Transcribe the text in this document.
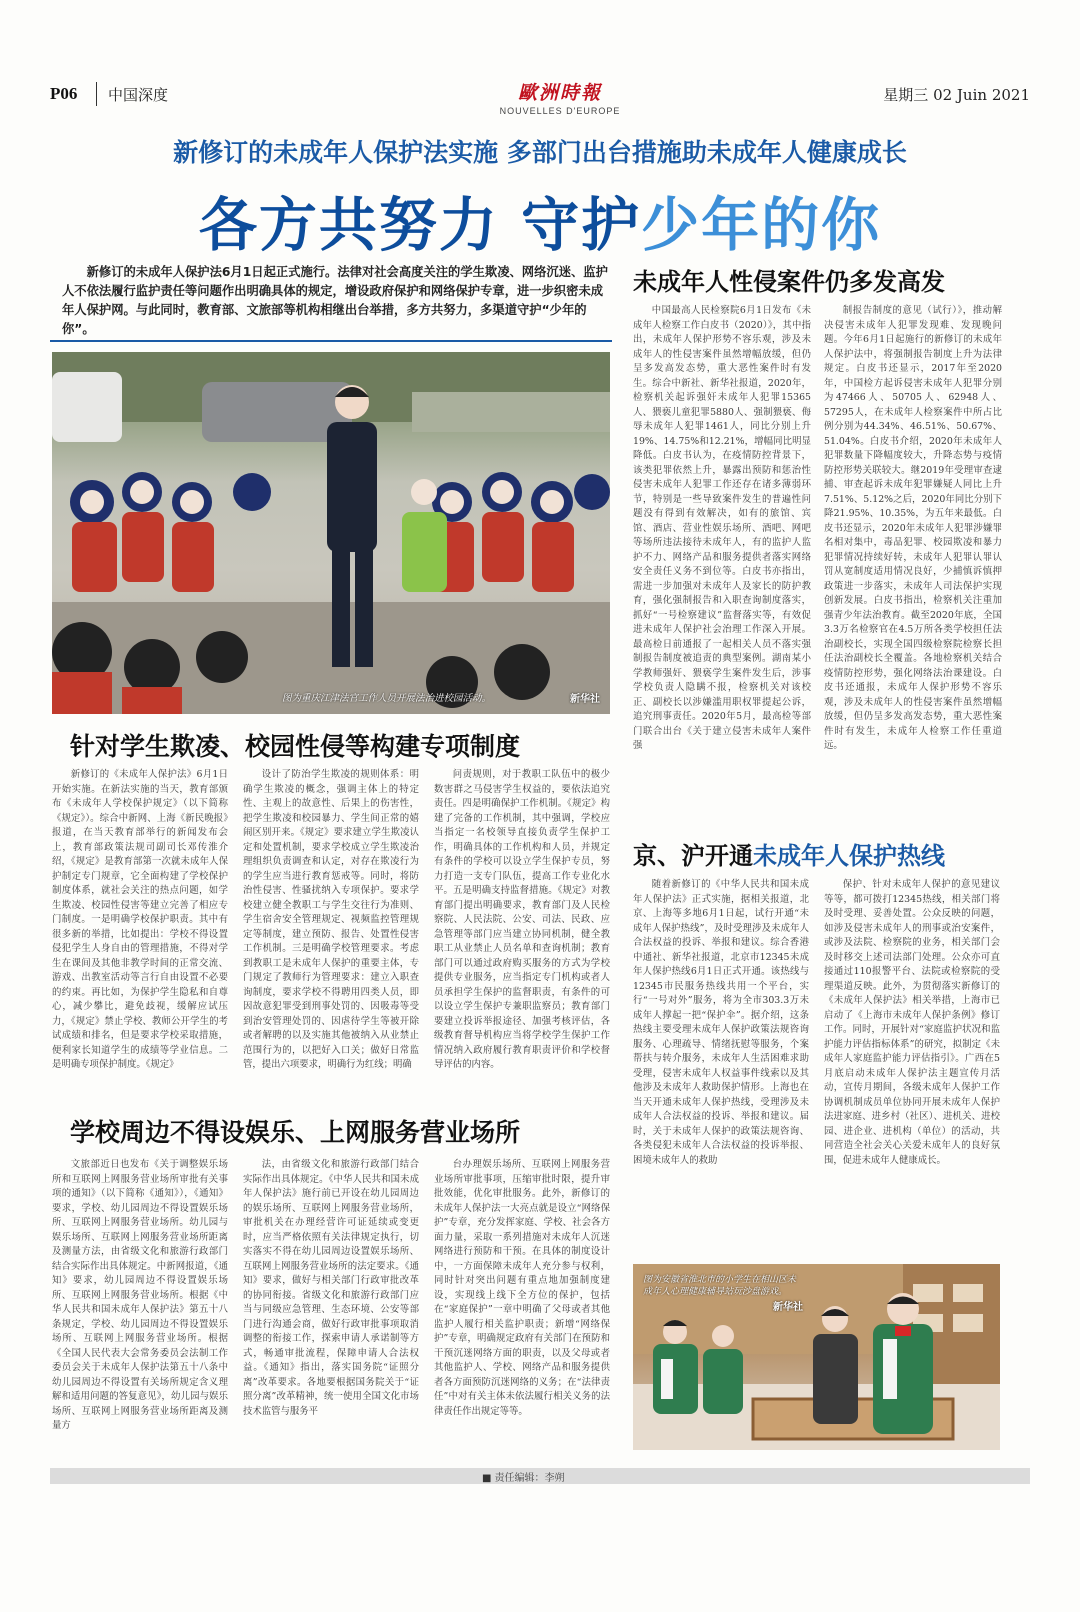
P06 中国深度	歐洲時報
NOUVELLES D'EUROPE
星期三 02 Juin 2021
新修订的未成年人保护法实施 多部门出台措施助未成年人健康成长
各方共努力 守护少年的你
新修订的未成年人保护法6月1日起正式施行。法律对社会高度关注的学生欺凌、网络沉迷、监护人不依法履行监护责任等问题作出明确具体的规定，增设政府保护和网络保护专章，进一步织密未成年人保护网。与此同时，教育部、文旅部等机构相继出台举措，多方共努力，多渠道守护“少年的你”。
图为重庆江津法官工作人员开展法治进校园活动。	新华社
未成年人性侵案件仍多发高发
中国最高人民检察院6月1日发布《未成年人检察工作白皮书（2020）》，其中指出，未成年人保护形势不容乐观，涉及未成年人的性侵害案件虽然增幅放缓，但仍呈多发高发态势，重大恶性案件时有发生。综合中新社、新华社报道，2020年，检察机关起诉强奸未成年人犯罪15365人、猥亵儿童犯罪5880人、强制猥亵、侮辱未成年人犯罪1461人，同比分别上升19%、14.75%和12.21%，增幅同比明显降低。白皮书认为，在疫情防控背景下，该类犯罪依然上升，暴露出预防和惩治性侵害未成年人犯罪工作还存在诸多薄弱环节，特别是一些导致案件发生的普遍性问题没有得到有效解决，如有的旅馆、宾馆、酒店、营业性娱乐场所、酒吧、网吧等场所违法接待未成年人，有的监护人监护不力、网络产品和服务提供者落实网络安全责任义务不到位等。白皮书亦指出，需进一步加强对未成年人及家长的防护教育，强化强制报告和入职查询制度落实，抓好“一号检察建议”监督落实等，有效促进未成年人保护社会治理工作深入开展。最高检日前通报了一起相关人员不落实强制报告制度被追责的典型案例。湖南某小学教师强奸、猥亵学生案件发生后，涉事学校负责人隐瞒不报，检察机关对该校正、副校长以涉嫌滥用职权罪提起公诉，追究刑事责任。2020年5月，最高检等部门联合出台《关于建立侵害未成年人案件强
制报告制度的意见（试行）》，推动解决侵害未成年人犯罪发现难、发现晚问题。今年6月1日起施行的新修订的未成年人保护法中，将强制报告制度上升为法律规定。白皮书还显示，2017年至2020年，中国检方起诉侵害未成年人犯罪分别为47466人、50705人、62948人、57295人，在未成年人检察案件中所占比例分别为44.34%、46.51%、50.67%、51.04%。白皮书介绍，2020年未成年人犯罪数量下降幅度较大，升降态势与疫情防控形势关联较大。继2019年受理审查逮捕、审查起诉未成年犯罪嫌疑人同比上升7.51%、5.12%之后，2020年同比分别下降21.95%、10.35%，为五年来最低。白皮书还显示，2020年未成年人犯罪涉嫌罪名相对集中，毒品犯罪、校园欺凌和暴力犯罪情况持续好转，未成年人犯罪认罪认罚从宽制度适用情况良好，少捕慎诉慎押政策进一步落实，未成年人司法保护实现创新发展。白皮书指出，检察机关注重加强青少年法治教育。截至2020年底，全国3.3万名检察官在4.5万所各类学校担任法治副校长，实现全国四级检察院检察长担任法治副校长全覆盖。各地检察机关结合疫情防控形势，强化网络法治课建设。白皮书还通报，未成年人保护形势不容乐观，涉及未成年人的性侵害案件虽然增幅放缓，但仍呈多发高发态势，重大恶性案件时有发生，未成年人检察工作任重道远。
针对学生欺凌、校园性侵等构建专项制度
新修订的《未成年人保护法》6月1日开始实施。在新法实施的当天，教育部颁布《未成年人学校保护规定》（以下简称《规定》）。综合中新网、上海《新民晚报》报道，在当天教育部举行的新闻发布会上，教育部政策法规司副司长邓传淮介绍，《规定》是教育部第一次就未成年人保护制定专门规章，它全面构建了学校保护制度体系，就社会关注的热点问题，如学生欺凌、校园性侵害等建立完善了相应专门制度。一是明确学校保护职责。其中有很多新的举措，比如提出：学校不得设置侵犯学生人身自由的管理措施，不得对学生在课间及其他非教学时间的正常交流、游戏、出教室活动等言行自由设置不必要的约束。再比如，为保护学生隐私和自尊心，减少攀比，避免歧视，缓解应试压力，《规定》禁止学校、教师公开学生的考试成绩和排名，但是要求学校采取措施，便利家长知道学生的成绩等学业信息。二是明确专项保护制度。《规定》
设计了防治学生欺凌的规则体系：明确学生欺凌的概念，强调主体上的特定性、主观上的故意性、后果上的伤害性，把学生欺凌和校园暴力、学生间正常的嬉闹区别开来。《规定》要求建立学生欺凌认定和处置机制，要求学校成立学生欺凌治理组织负责调查和认定，对存在欺凌行为的学生应当进行教育惩戒等。同时，将防治性侵害、性骚扰纳入专项保护。要求学校建立健全教职工与学生交往行为准则、学生宿舍安全管理规定、视频监控管理规定等制度，建立预防、报告、处置性侵害工作机制。三是明确学校管理要求。考虑到教职工是未成年人保护的重要主体，专门规定了教师行为管理要求：建立入职查询制度，要求学校不得聘用四类人员，即因故意犯罪受到刑事处罚的、因吸毒等受到治安管理处罚的、因虐待学生等被开除或者解聘的以及实施其他被纳入从业禁止范围行为的，以把好入口关；做好日常监管，提出六项要求，明确行为红线；明确
问责规则，对于教职工队伍中的极少数害群之马侵害学生权益的，要依法追究责任。四是明确保护工作机制。《规定》构建了完备的工作机制，其中强调，学校应当指定一名校领导直接负责学生保护工作，明确具体的工作机构和人员，并规定有条件的学校可以设立学生保护专员，努力打造一支专门队伍，提高工作专业化水平。五是明确支持监督措施。《规定》对教育部门提出明确要求，教育部门及人民检察院、人民法院、公安、司法、民政、应急管理等部门应当建立协同机制，健全教职工从业禁止人员名单和查询机制；教育部门可以通过政府购买服务的方式为学校提供专业服务，应当指定专门机构或者人员承担学生保护的监督职责，有条件的可以设立学生保护专兼职监察员；教育部门要建立投诉举报途径、加强考核评估，各级教育督导机构应当将学校学生保护工作情况纳入政府履行教育职责评价和学校督导评估的内容。
京、沪开通未成年人保护热线
随着新修订的《中华人民共和国未成年人保护法》正式实施，据相关报道，北京、上海等多地6月1日起，试行开通“未成年人保护热线”，及时受理涉及未成年人合法权益的投诉、举报和建议。综合香港中通社、新华社报道，北京市12345未成年人保护热线6月1日正式开通。该热线与12345市民服务热线共用一个平台，实行“一号对外”服务，将为全市303.3万未成年人撑起一把“保护伞”。据介绍，这条热线主要受理未成年人保护政策法规咨询服务、心理疏导、情绪抚慰等服务，个案帮扶与转介服务，未成年人生活困难求助受理，侵害未成年人权益事件线索以及其他涉及未成年人救助保护情形。上海也在当天开通未成年人保护热线，受理涉及未成年人合法权益的投诉、举报和建议。届时，关于未成年人保护的政策法规咨询、各类侵犯未成年人合法权益的投诉举报、困境未成年人的救助
保护、针对未成年人保护的意见建议等等，都可拨打12345热线，相关部门将及时受理、妥善处置。公众反映的问题，如涉及侵害未成年人的刑事或治安案件，或涉及法院、检察院的业务，相关部门会及时移交上述司法部门处理。公众亦可直接通过110报警平台、法院或检察院的受理渠道反映。此外，为贯彻落实新修订的《未成年人保护法》相关举措，上海市已启动了《上海市未成年人保护条例》修订工作。同时，开展针对“家庭监护状况和监护能力评估指标体系”的研究，拟制定《未成年人家庭监护能力评估指引》。广西在5月底启动未成年人保护法主题宣传月活动，宣传月期间，各级未成年人保护工作协调机制成员单位协同开展未成年人保护法进家庭、进乡村（社区）、进机关、进校园、进企业、进机构（单位）的活动，共同营造全社会关心关爱未成年人的良好氛围，促进未成年人健康成长。
学校周边不得设娱乐、上网服务营业场所
文旅部近日也发布《关于调整娱乐场所和互联网上网服务营业场所审批有关事项的通知》（以下简称《通知》），《通知》要求，学校、幼儿园周边不得设置娱乐场所、互联网上网服务营业场所。幼儿园与娱乐场所、互联网上网服务营业场所距离及测量方法，由省级文化和旅游行政部门结合实际作出具体规定。中新网报道，《通知》要求，幼儿园周边不得设置娱乐场所、互联网上网服务营业场所。根据《中华人民共和国未成年人保护法》第五十八条规定，学校、幼儿园周边不得设置娱乐场所、互联网上网服务营业场所。根据《全国人民代表大会常务委员会法制工作委员会关于未成年人保护法第五十八条中幼儿园周边不得设置有关场所规定含义理解和适用问题的答复意见》，幼儿园与娱乐场所、互联网上网服务营业场所距离及测量方
法，由省级文化和旅游行政部门结合实际作出具体规定。《中华人民共和国未成年人保护法》施行前已开设在幼儿园周边的娱乐场所、互联网上网服务营业场所，审批机关在办理经营许可证延续或变更时，应当严格依照有关法律规定执行，切实落实不得在幼儿园周边设置娱乐场所、互联网上网服务营业场所的法定要求。《通知》要求，做好与相关部门行政审批改革的协同衔接。省级文化和旅游行政部门应当与同级应急管理、生态环境、公安等部门进行沟通会商，做好行政审批事项取消调整的衔接工作，探索申请人承诺制等方式，畅通审批流程，保障申请人合法权益。《通知》指出，落实国务院“证照分离”改革要求。各地要根据国务院关于“证照分离”改革精神，统一使用全国文化市场技术监管与服务平
台办理娱乐场所、互联网上网服务营业场所审批事项，压缩审批时限，提升审批效能，优化审批服务。此外，新修订的未成年人保护法一大亮点就是设立“网络保护”专章，充分发挥家庭、学校、社会各方面力量，采取一系列措施对未成年人沉迷网络进行预防和干预。在具体的制度设计中，一方面保障未成年人充分参与权利，同时针对突出问题有重点地加强制度建设，实现线上线下全方位的保护，包括在“家庭保护”一章中明确了父母或者其他监护人履行相关监护职责；新增“网络保护”专章，明确规定政府有关部门在预防和干预沉迷网络方面的职责，以及父母或者其他监护人、学校、网络产品和服务提供者各方面预防沉迷网络的义务；在“法律责任”中对有关主体未依法履行相关义务的法律责任作出规定等等。
图为安徽省淮北市的小学生在相山区未成年人心理健康辅导站玩沙盘游戏。
新华社
■ 责任编辑：李朔
